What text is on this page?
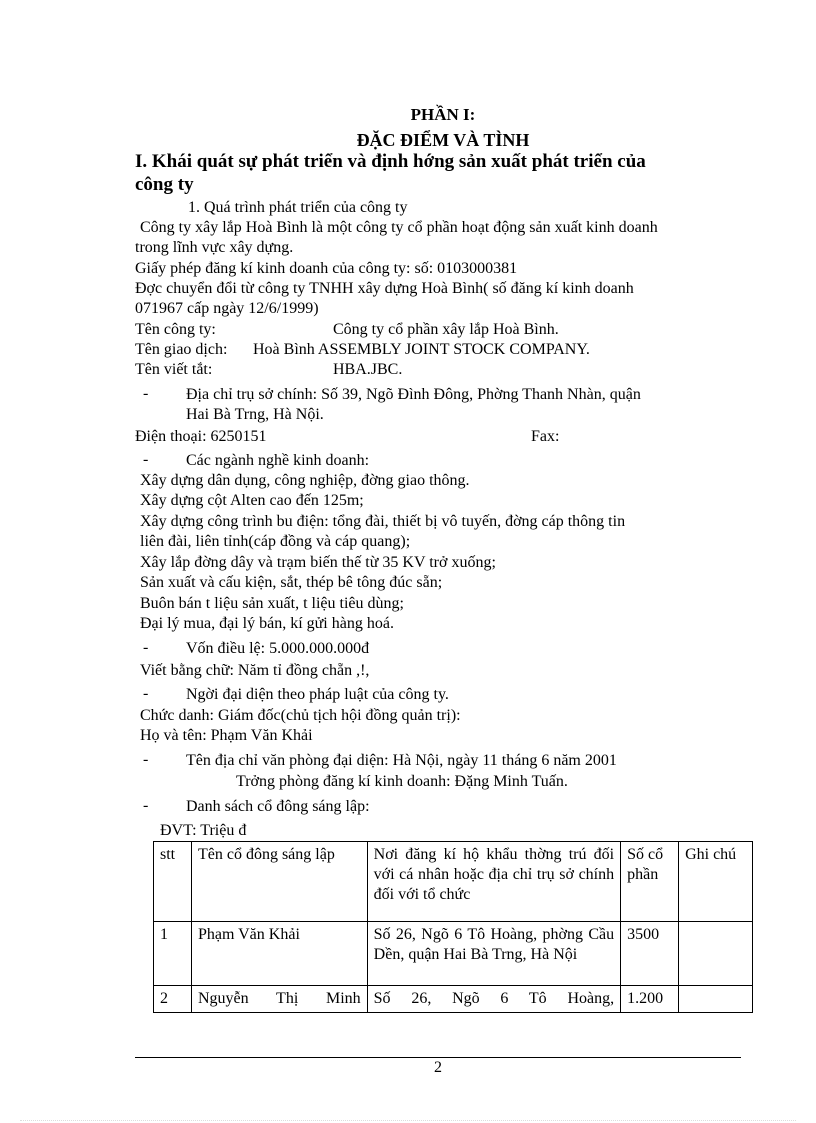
PHẦN I:
ĐẶC ĐIỂM VÀ TÌNH
I. Khái quát sự phát triển và định hớng sản xuất phát triển của
công ty
1. Quá trình phát triển của công ty
Công ty xây lắp Hoà Bình là một công ty cổ phần hoạt động sản xuất kinh doanh
trong lĩnh vực xây dựng.
Giấy phép đăng kí kinh doanh của công ty: số: 0103000381
Đợc chuyển đổi từ công ty TNHH xây dựng Hoà Bình( số đăng kí kinh doanh
071967 cấp ngày 12/6/1999)
Tên công ty:	Công ty cổ phần xây lắp Hoà Bình.
Tên giao dịch: Hoà Bình ASSEMBLY JOINT STOCK COMPANY.
Tên viết tắt:	HBA.JBC.
- Địa chỉ trụ sở chính: Số 39, Ngõ Đình Đông, Phờng Thanh Nhàn, quận
Hai Bà Trng, Hà Nội.
Điện thoại: 6250151	Fax:
- Các ngành nghề kinh doanh:
Xây dựng dân dụng, công nghiệp, đờng giao thông.
Xây dựng cột Alten cao đến 125m;
Xây dựng công trình bu điện: tổng đài, thiết bị vô tuyến, đờng cáp thông tin
liên đài, liên tỉnh(cáp đồng và cáp quang);
Xây lắp đờng dây và trạm biến thế từ 35 KV trở xuống;
Sản xuất và cấu kiện, sắt, thép bê tông đúc sẵn;
Buôn bán t liệu sản xuất, t liệu tiêu dùng;
Đại lý mua, đại lý bán, kí gửi hàng hoá.
- Vốn điều lệ: 5.000.000.000đ
Viết bằng chữ: Năm tỉ đồng chẵn ,!,
- Ngời đại diện theo pháp luật của công ty.
Chức danh: Giám đốc(chủ tịch hội đồng quản trị):
Họ và tên: Phạm Văn Khải
- Tên địa chỉ văn phòng đại diện: Hà Nội, ngày 11 tháng 6 năm 2001
Trởng phòng đăng kí kinh doanh: Đặng Minh Tuấn.
- Danh sách cổ đông sáng lập:
ĐVT: Triệu đ
stt	Tên cổ đông sáng lập	Nơi đăng kí hộ khẩu thờng trú đối với cá nhân hoặc địa chỉ trụ sở chính đối với tổ chức	Số cổ phần	Ghi chú
1	Phạm Văn Khải	Số 26, Ngõ 6 Tô Hoàng, phờng Cầu Dền, quận Hai Bà Trng, Hà Nội	3500	
2	Nguyễn Thị Minh	Số 26, Ngõ 6 Tô Hoàng,	1.200	
2
